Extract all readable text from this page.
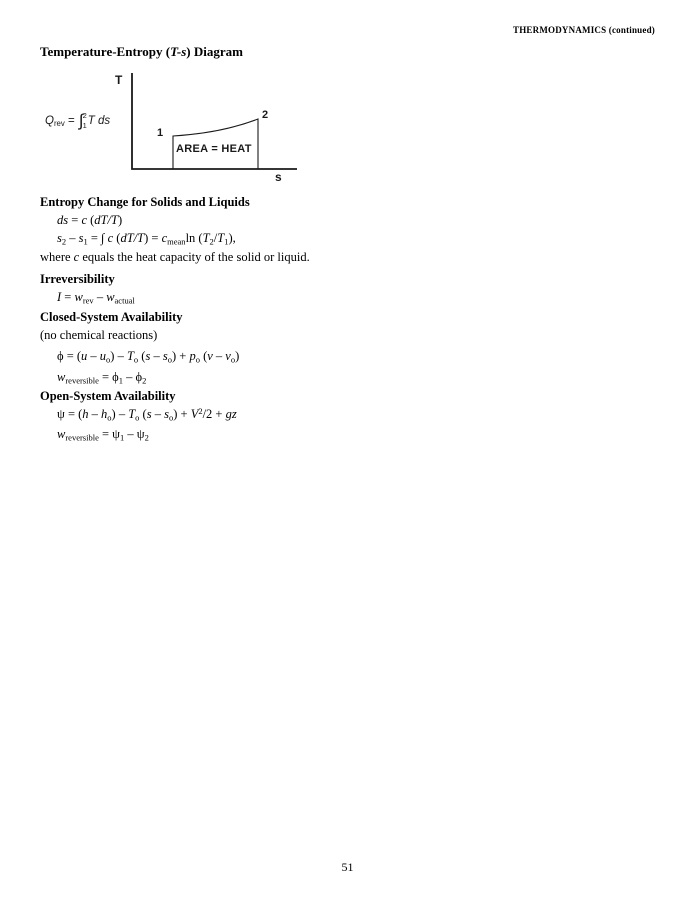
THERMODYNAMICS (continued)
Temperature-Entropy (T-s) Diagram
$Q_{rev}$ = ∫ 2
1 T ds
T
s
1
2
AREA = HEAT
Entropy Change for Solids and Liquids
ds = c (dT/T)
$s_2 - s_1$ = ∫ c $(dT/T) = c_{mean}\ln$ $(T_2/T_1)$,
where c equals the heat capacity of the solid or liquid.
Irreversibility
$I = w_{rev} - w_{actual}$
Closed-System Availability
(no chemical reactions)
$\phi = (u - u_o) - T_o$ $(s - s_o) + p_o$ $(v - v_o)$
$w_{reversible} = \phi_1 - \phi_2$
Open-System Availability
$\psi = (h - h_o) - T_o$ $(s - s_o) + V^2/2$ + gz
$w_{reversible} = \psi_1 - \psi_2$
51
